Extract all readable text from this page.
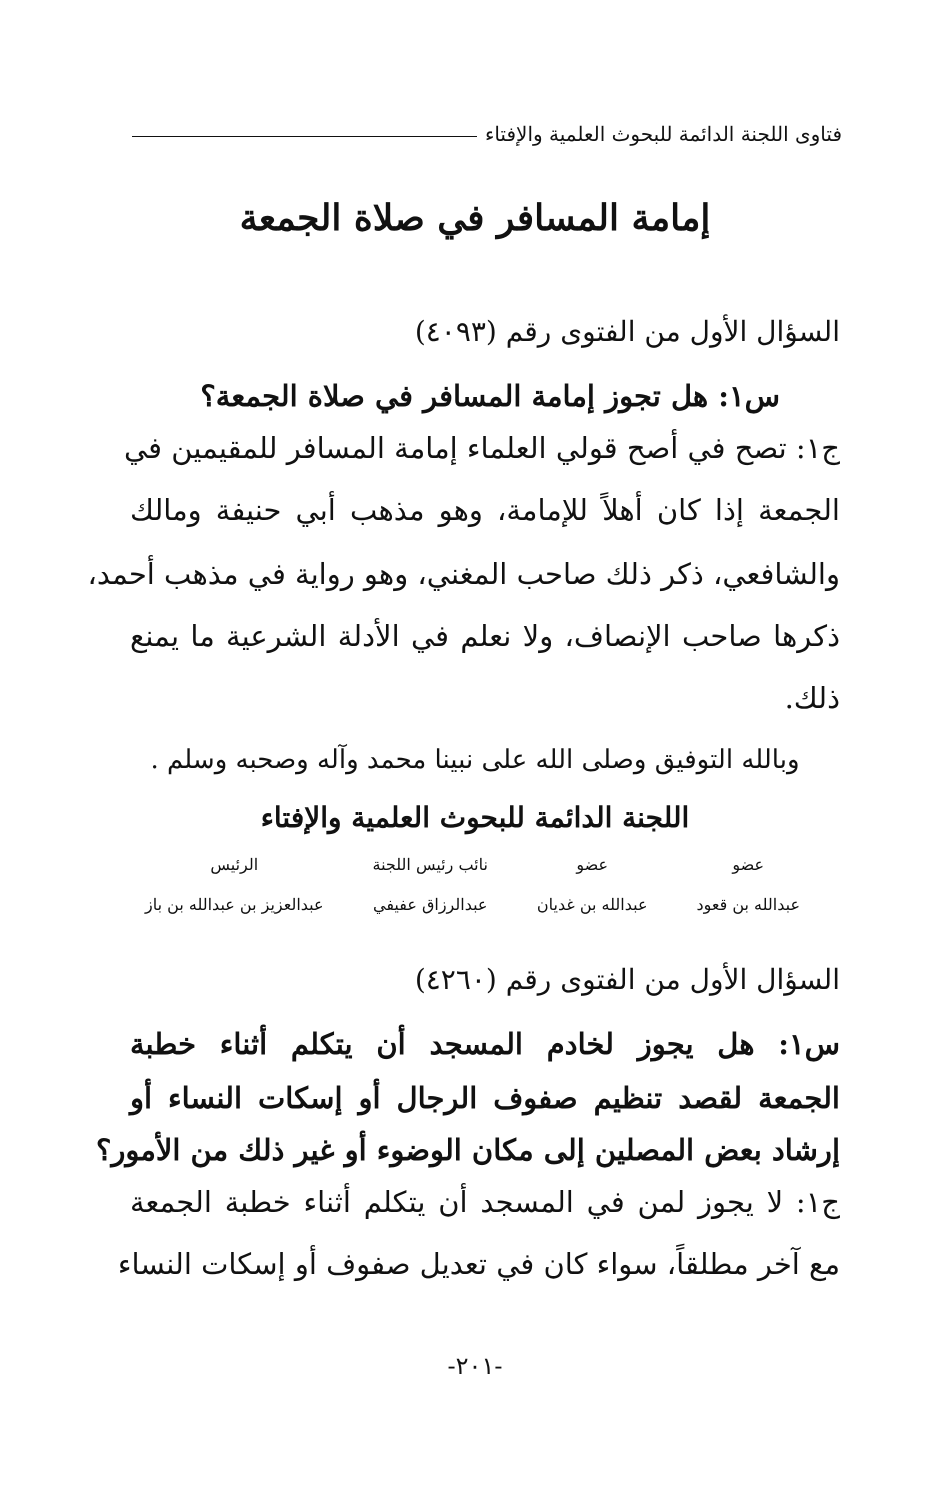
فتاوى اللجنة الدائمة للبحوث العلمية والإفتاء
إمامة المسافر في صلاة الجمعة
السؤال الأول من الفتوى رقم (٤٠٩٣)
س١: هل تجوز إمامة المسافر في صلاة الجمعة؟
ج١: تصح في أصح قولي العلماء إمامة المسافر للمقيمين في
الجمعة إذا كان أهلاً للإمامة، وهو مذهب أبي حنيفة ومالك
والشافعي، ذكر ذلك صاحب المغني، وهو رواية في مذهب أحمد،
ذكرها صاحب الإنصاف، ولا نعلم في الأدلة الشرعية ما يمنع
ذلك.
وبالله التوفيق وصلى الله على نبينا محمد وآله وصحبه وسلم .
اللجنة الدائمة للبحوث العلمية والإفتاء
عضو
عبدالله بن قعود
عضو
عبدالله بن غديان
نائب رئيس اللجنة
عبدالرزاق عفيفي
الرئيس
عبدالعزيز بن عبدالله بن باز
السؤال الأول من الفتوى رقم (٤٢٦٠)
س١: هل يجوز لخادم المسجد أن يتكلم أثناء خطبة
الجمعة لقصد تنظيم صفوف الرجال أو إسكات النساء أو
إرشاد بعض المصلين إلى مكان الوضوء أو غير ذلك من الأمور؟
ج١: لا يجوز لمن في المسجد أن يتكلم أثناء خطبة الجمعة
مع آخر مطلقاً، سواء كان في تعديل صفوف أو إسكات النساء
-٢٠١-
